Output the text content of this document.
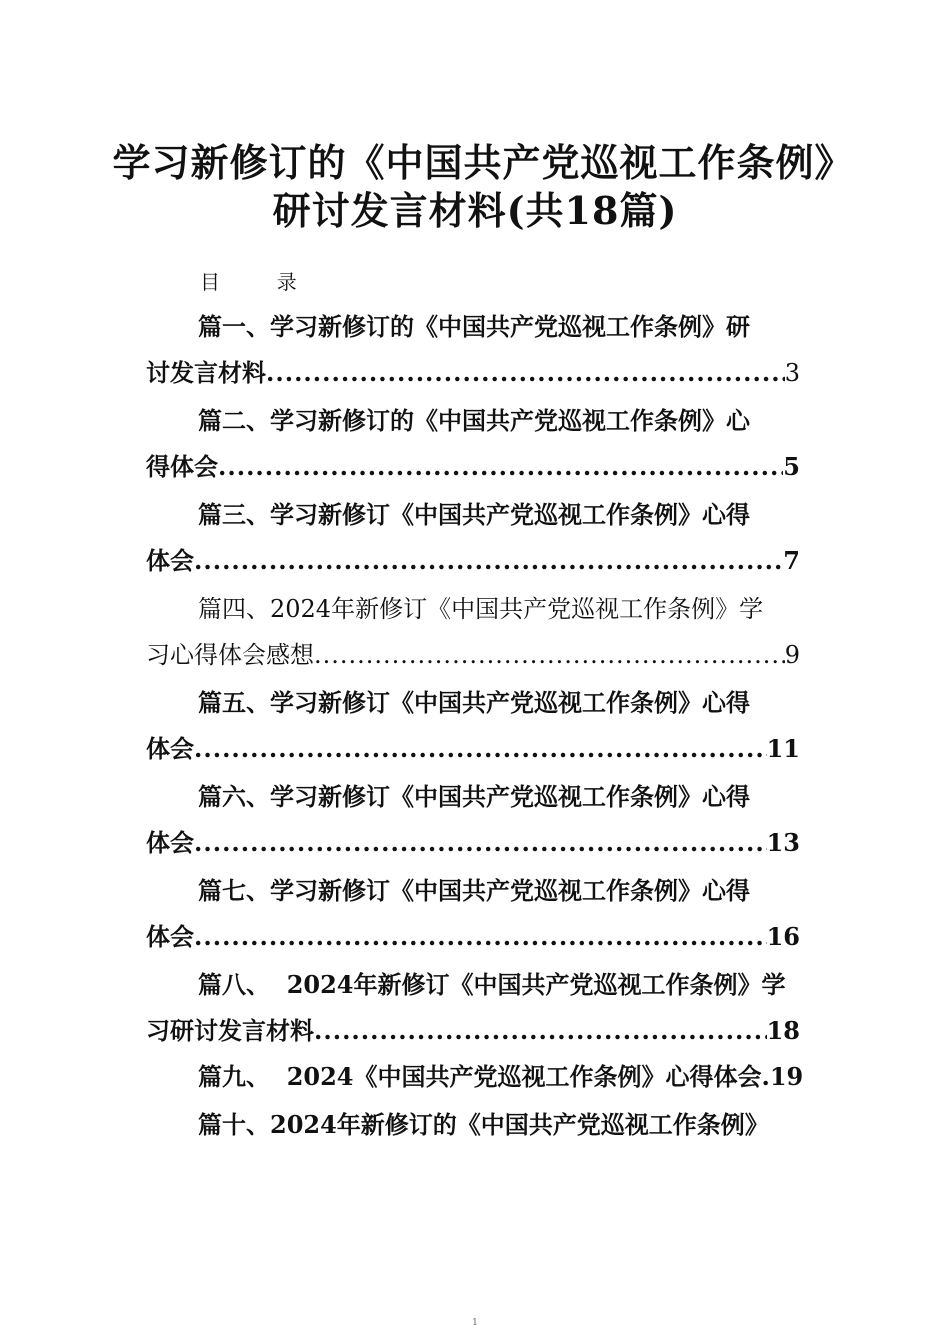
学习新修订的《中国共产党巡视工作条例》
研讨发言材料(共18篇)
目	录
篇一、学习新修订的《中国共产党巡视工作条例》研
讨发言材料 .....	3
篇二、学习新修订的《中国共产党巡视工作条例》心
得体会 .....	5
篇三、学习新修订《中国共产党巡视工作条例》心得
体会 .....	7
篇四、2024年新修订《中国共产党巡视工作条例》学
习心得体会感想 .....	9
篇五、学习新修订《中国共产党巡视工作条例》心得
体会 .....	11
篇六、学习新修订《中国共产党巡视工作条例》心得
体会 .....	13
篇七、学习新修订《中国共产党巡视工作条例》心得
体会 .....	16
篇八、  2024年新修订《中国共产党巡视工作条例》学
习研讨发言材料 .....	18
篇九、  2024《中国共产党巡视工作条例》心得体会.19
篇十、2024年新修订的《中国共产党巡视工作条例》
1
